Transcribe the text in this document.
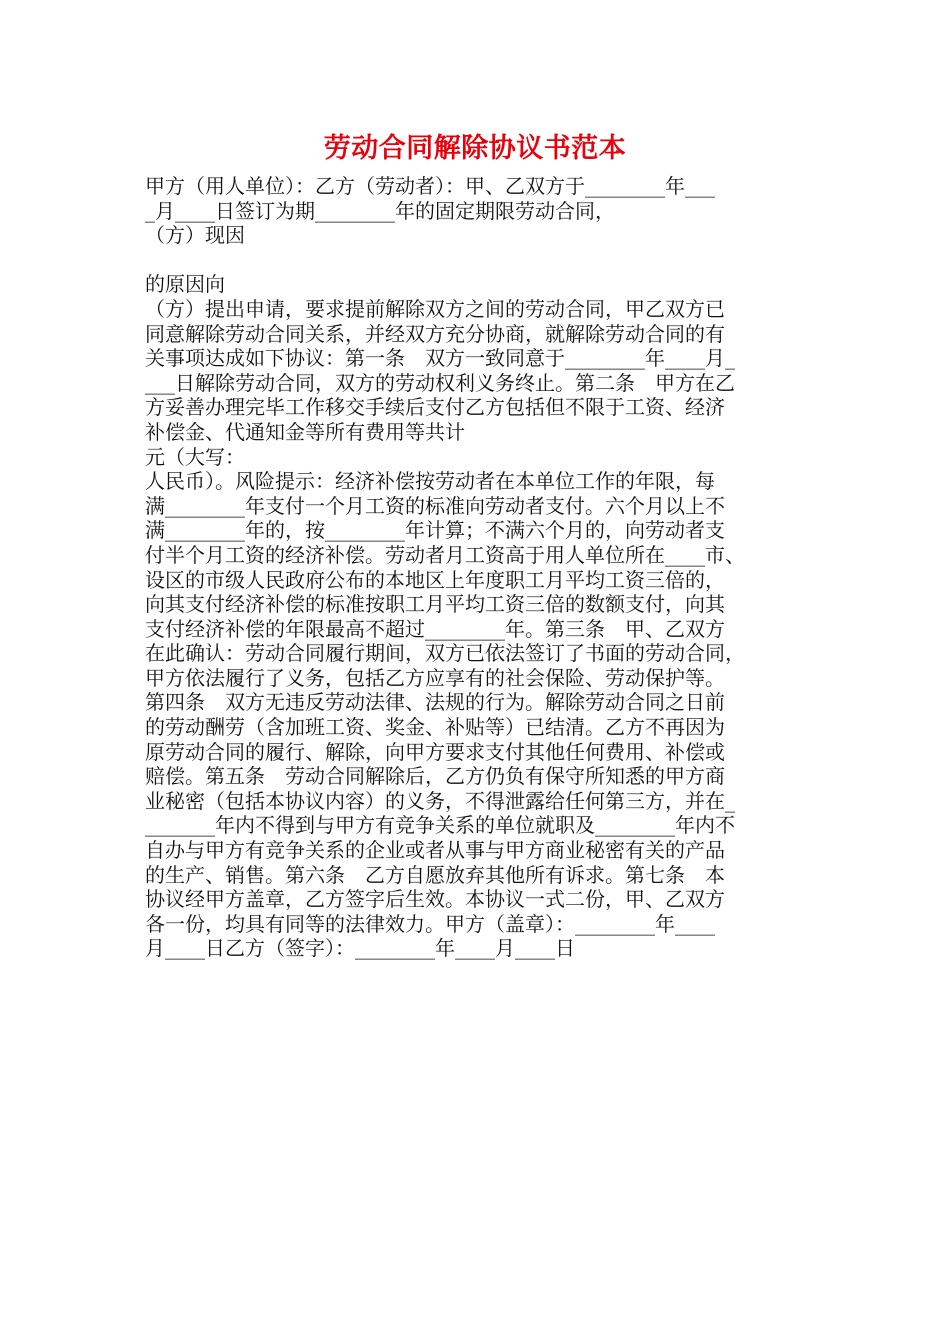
劳动合同解除协议书范本
甲方（用人单位）：乙方（劳动者）：甲、乙双方于________年___
_月____日签订为期________年的固定期限劳动合同，
（方）现因
的原因向
（方）提出申请，要求提前解除双方之间的劳动合同，甲乙双方已
同意解除劳动合同关系，并经双方充分协商，就解除劳动合同的有
关事项达成如下协议：第一条　双方一致同意于________年____月_
___日解除劳动合同，双方的劳动权利义务终止。第二条　甲方在乙
方妥善办理完毕工作移交手续后支付乙方包括但不限于工资、经济
补偿金、代通知金等所有费用等共计
元（大写：
人民币）。风险提示：经济补偿按劳动者在本单位工作的年限，每
满________年支付一个月工资的标准向劳动者支付。六个月以上不
满________年的，按________年计算；不满六个月的，向劳动者支
付半个月工资的经济补偿。劳动者月工资高于用人单位所在____市、
设区的市级人民政府公布的本地区上年度职工月平均工资三倍的，
向其支付经济补偿的标准按职工月平均工资三倍的数额支付，向其
支付经济补偿的年限最高不超过________年。第三条　甲、乙双方
在此确认：劳动合同履行期间，双方已依法签订了书面的劳动合同，
甲方依法履行了义务，包括乙方应享有的社会保险、劳动保护等。
第四条　双方无违反劳动法律、法规的行为。解除劳动合同之日前
的劳动酬劳（含加班工资、奖金、补贴等）已结清。乙方不再因为
原劳动合同的履行、解除，向甲方要求支付其他任何费用、补偿或
赔偿。第五条　劳动合同解除后，乙方仍负有保守所知悉的甲方商
业秘密（包括本协议内容）的义务，不得泄露给任何第三方，并在_
_______年内不得到与甲方有竞争关系的单位就职及________年内不
自办与甲方有竞争关系的企业或者从事与甲方商业秘密有关的产品
的生产、销售。第六条　乙方自愿放弃其他所有诉求。第七条　本
协议经甲方盖章，乙方签字后生效。本协议一式二份，甲、乙双方
各一份，均具有同等的法律效力。甲方（盖章）：________年____
月____日乙方（签字）：________年____月____日
